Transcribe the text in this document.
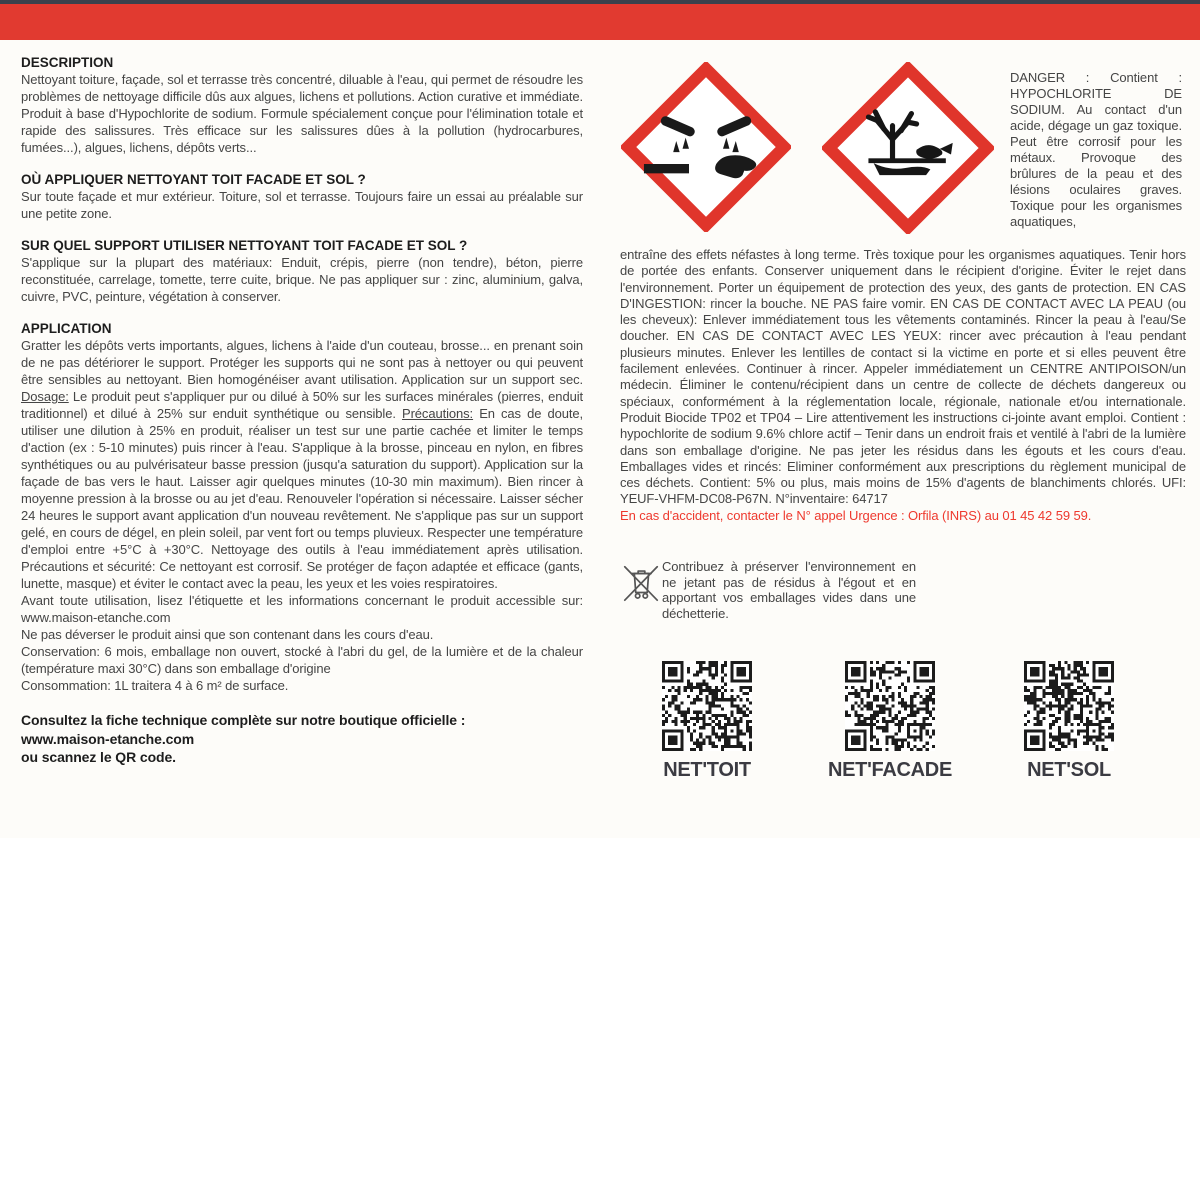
DESCRIPTION

Nettoyant toiture, façade, sol et terrasse très concentré, diluable à l'eau, qui permet de résoudre les problèmes de nettoyage difficile dûs aux algues, lichens et pollutions. Action curative et immédiate. Produit à base d'Hypochlorite de sodium. Formule spécialement conçue pour l'élimination totale et rapide des salissures. Très efficace sur les salissures dûes à la pollution (hydrocarbures, fumées...), algues, lichens, dépôts verts...

OÙ APPLIQUER NETTOYANT TOIT FACADE ET SOL ?

Sur toute façade et mur extérieur. Toiture, sol et terrasse. Toujours faire un essai au préalable sur une petite zone.

SUR QUEL SUPPORT UTILISER NETTOYANT TOIT FACADE ET SOL ?

S'applique sur la plupart des matériaux: Enduit, crépis, pierre (non tendre), béton, pierre reconstituée, carrelage, tomette, terre cuite, brique. Ne pas appliquer sur : zinc, aluminium, galva, cuivre, PVC, peinture, végétation à conserver.

APPLICATION

Gratter les dépôts verts importants, algues, lichens à l'aide d'un couteau, brosse... en prenant soin de ne pas détériorer le support. Protéger les supports qui ne sont pas à nettoyer ou qui peuvent être sensibles au nettoyant. Bien homogénéiser avant utilisation. Application sur un support sec. Dosage: Le produit peut s'appliquer pur ou dilué à 50% sur les surfaces minérales (pierres, enduit traditionnel) et dilué à 25% sur enduit synthétique ou sensible. Précautions: En cas de doute, utiliser une dilution à 25% en produit, réaliser un test sur une partie cachée et limiter le temps d'action (ex : 5-10 minutes) puis rincer à l'eau. S'applique à la brosse, pinceau en nylon, en fibres synthétiques ou au pulvérisateur basse pression (jusqu'a saturation du support). Application sur la façade de bas vers le haut. Laisser agir quelques minutes (10-30 min maximum). Bien rincer à moyenne pression à la brosse ou au jet d'eau. Renouveler l'opération si nécessaire. Laisser sécher 24 heures le support avant application d'un nouveau revêtement. Ne s'applique pas sur un support gelé, en cours de dégel, en plein soleil, par vent fort ou temps pluvieux. Respecter une température d'emploi entre +5°C à +30°C. Nettoyage des outils à l'eau immédiatement après utilisation. Précautions et sécurité: Ce nettoyant est corrosif. Se protéger de façon adaptée et efficace (gants, lunette, masque) et éviter le contact avec la peau, les yeux et les voies respiratoires.

Avant toute utilisation, lisez l'étiquette et les informations concernant le produit accessible sur: www.maison-etanche.com

Ne pas déverser le produit ainsi que son contenant dans les cours d'eau.

Conservation: 6 mois, emballage non ouvert, stocké à l'abri du gel, de la lumière et de la chaleur (température maxi 30°C) dans son emballage d'origine

Consommation: 1L traitera 4 à 6 m² de surface.

Consultez la fiche technique complète sur notre boutique officielle :

www.maison-etanche.com

ou scannez le QR code.

DANGER : Contient : HYPOCHLORITE DE SODIUM. Au contact d'un acide, dégage un gaz toxique. Peut être corrosif pour les métaux. Provoque des brûlures de la peau et des lésions oculaires graves. Toxique pour les organismes aquatiques,

entraîne des effets néfastes à long terme. Très toxique pour les organismes aquatiques. Tenir hors de portée des enfants. Conserver uniquement dans le récipient d'origine. Éviter le rejet dans l'environnement. Porter un équipement de protection des yeux, des gants de protection. EN CAS D'INGESTION: rincer la bouche. NE PAS faire vomir. EN CAS DE CONTACT AVEC LA PEAU (ou les cheveux): Enlever immédiatement tous les vêtements contaminés. Rincer la peau à l'eau/Se doucher. EN CAS DE CONTACT AVEC LES YEUX: rincer avec précaution à l'eau pendant plusieurs minutes. Enlever les lentilles de contact si la victime en porte et si elles peuvent être facilement enlevées. Continuer à rincer. Appeler immédiatement un CENTRE ANTIPOISON/un médecin. Éliminer le contenu/récipient dans un centre de collecte de déchets dangereux ou spéciaux, conformément à la réglementation locale, régionale, nationale et/ou internationale. Produit Biocide TP02 et TP04 – Lire attentivement les instructions ci-jointe avant emploi. Contient : hypochlorite de sodium 9.6% chlore actif – Tenir dans un endroit frais et ventilé à l'abri de la lumière dans son emballage d'origine. Ne pas jeter les résidus dans les égouts et les cours d'eau. Emballages vides et rincés: Eliminer conformément aux prescriptions du règlement municipal de ces déchets. Contient: 5% ou plus, mais moins de 15% d'agents de blanchiments chlorés. UFI: YEUF-VHFM-DC08-P67N. N°inventaire: 64717

En cas d'accident, contacter le N° appel Urgence : Orfila (INRS) au 01 45 42 59 59.

Contribuez à préserver l'environnement en ne jetant pas de résidus à l'égout et en apportant vos emballages vides dans une déchetterie.

NET'TOIT	NET'FACADE	NET'SOL
